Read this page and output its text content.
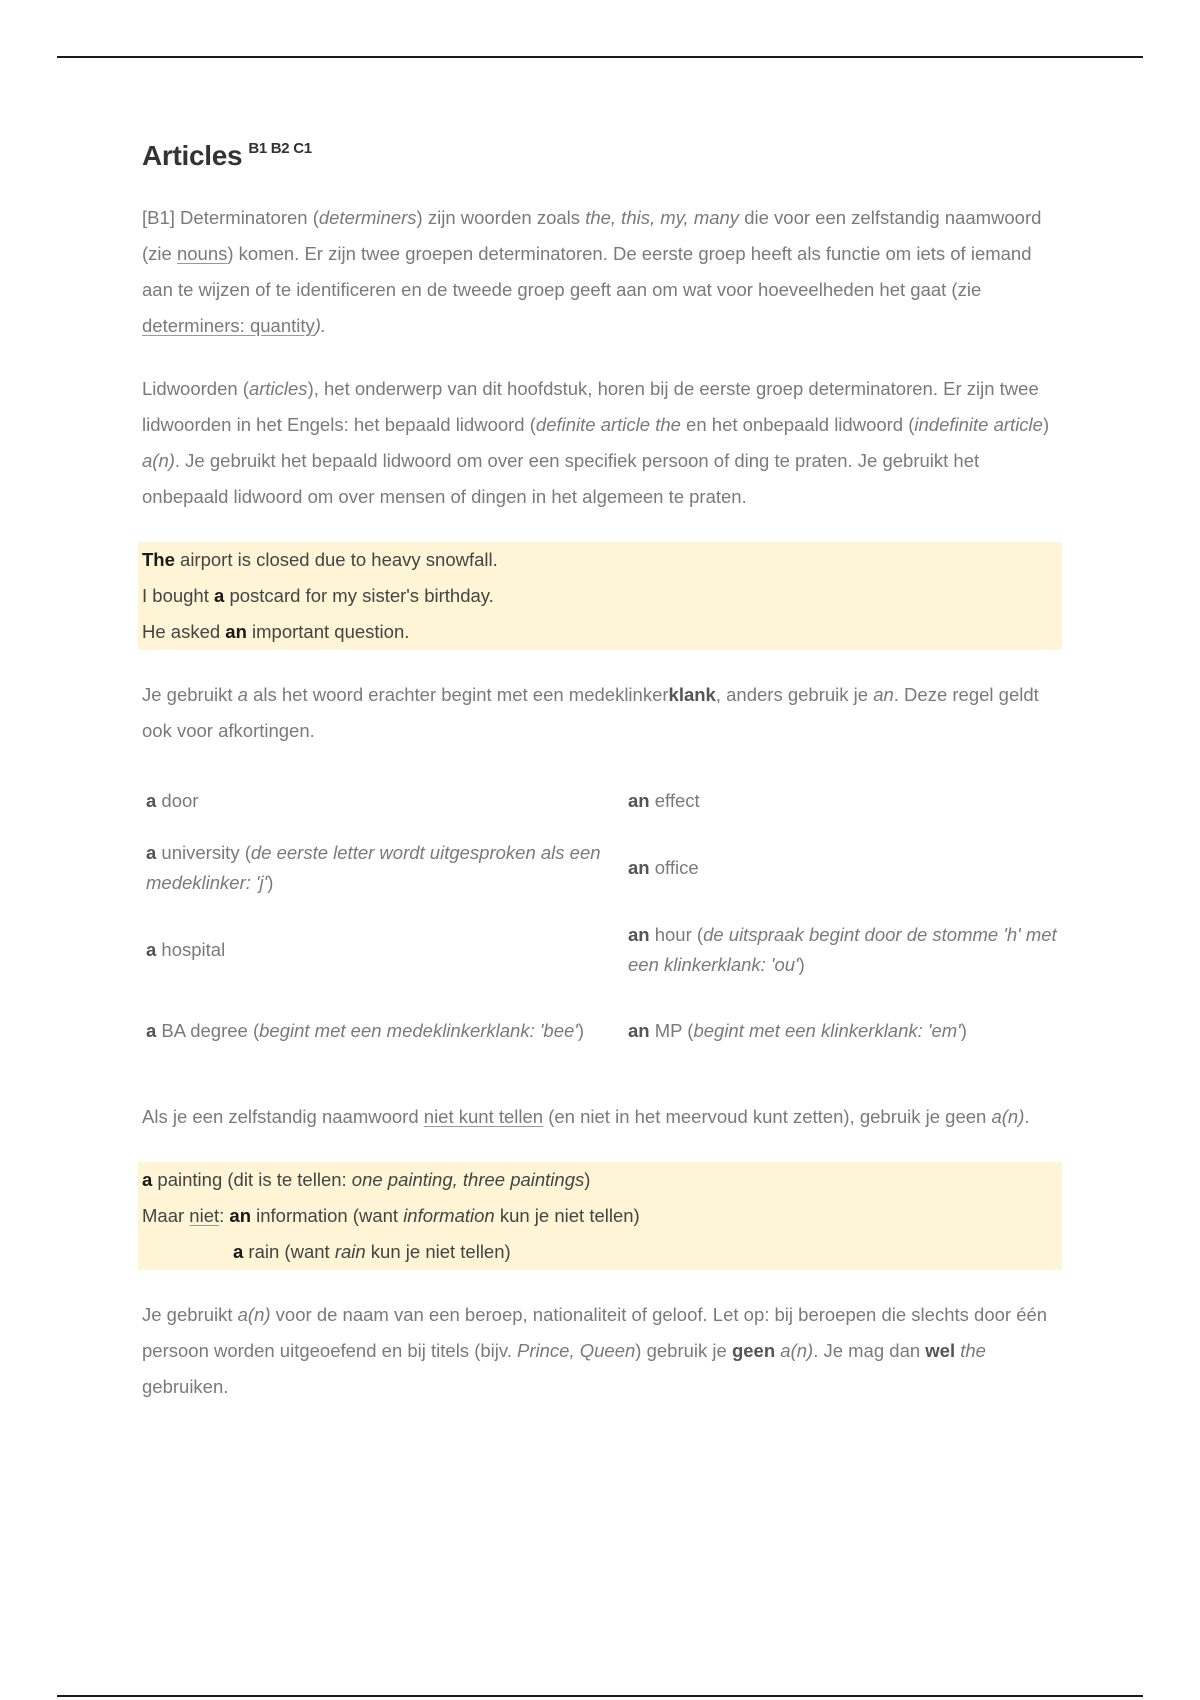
Articles $^{B1 B2 C1}$

[B1] Determinatoren (determiners) zijn woorden zoals the, this, my, many die voor een zelfstandig naamwoord (zie nouns) komen. Er zijn twee groepen determinatoren. De eerste groep heeft als functie om iets of iemand aan te wijzen of te identificeren en de tweede groep geeft aan om wat voor hoeveelheden het gaat (zie determiners: quantity).

Lidwoorden (articles), het onderwerp van dit hoofdstuk, horen bij de eerste groep determinatoren. Er zijn twee lidwoorden in het Engels: het bepaald lidwoord (definite article the en het onbepaald lidwoord (indefinite article) a(n). Je gebruikt het bepaald lidwoord om over een specifiek persoon of ding te praten. Je gebruikt het onbepaald lidwoord om over mensen of dingen in het algemeen te praten.

The airport is closed due to heavy snowfall.
I bought a postcard for my sister's birthday.
He asked an important question.

Je gebruikt a als het woord erachter begint met een medeklinkerklank, anders gebruik je an. Deze regel geldt ook voor afkortingen.

a door	an effect
a university (de eerste letter wordt uitgesproken als een medeklinker: 'j')	an office
a hospital	an hour (de uitspraak begint door de stomme 'h' met een klinkerklank: 'ou')
a BA degree (begint met een medeklinkerklank: 'bee')	an MP (begint met een klinkerklank: 'em')

Als je een zelfstandig naamwoord niet kunt tellen (en niet in het meervoud kunt zetten), gebruik je geen a(n).

a painting (dit is te tellen: one painting, three paintings)
Maar niet: an information (want information kun je niet tellen)
a rain (want rain kun je niet tellen)

Je gebruikt a(n) voor de naam van een beroep, nationaliteit of geloof. Let op: bij beroepen die slechts door één persoon worden uitgeoefend en bij titels (bijv. Prince, Queen) gebruik je geen a(n). Je mag dan wel the gebruiken.
